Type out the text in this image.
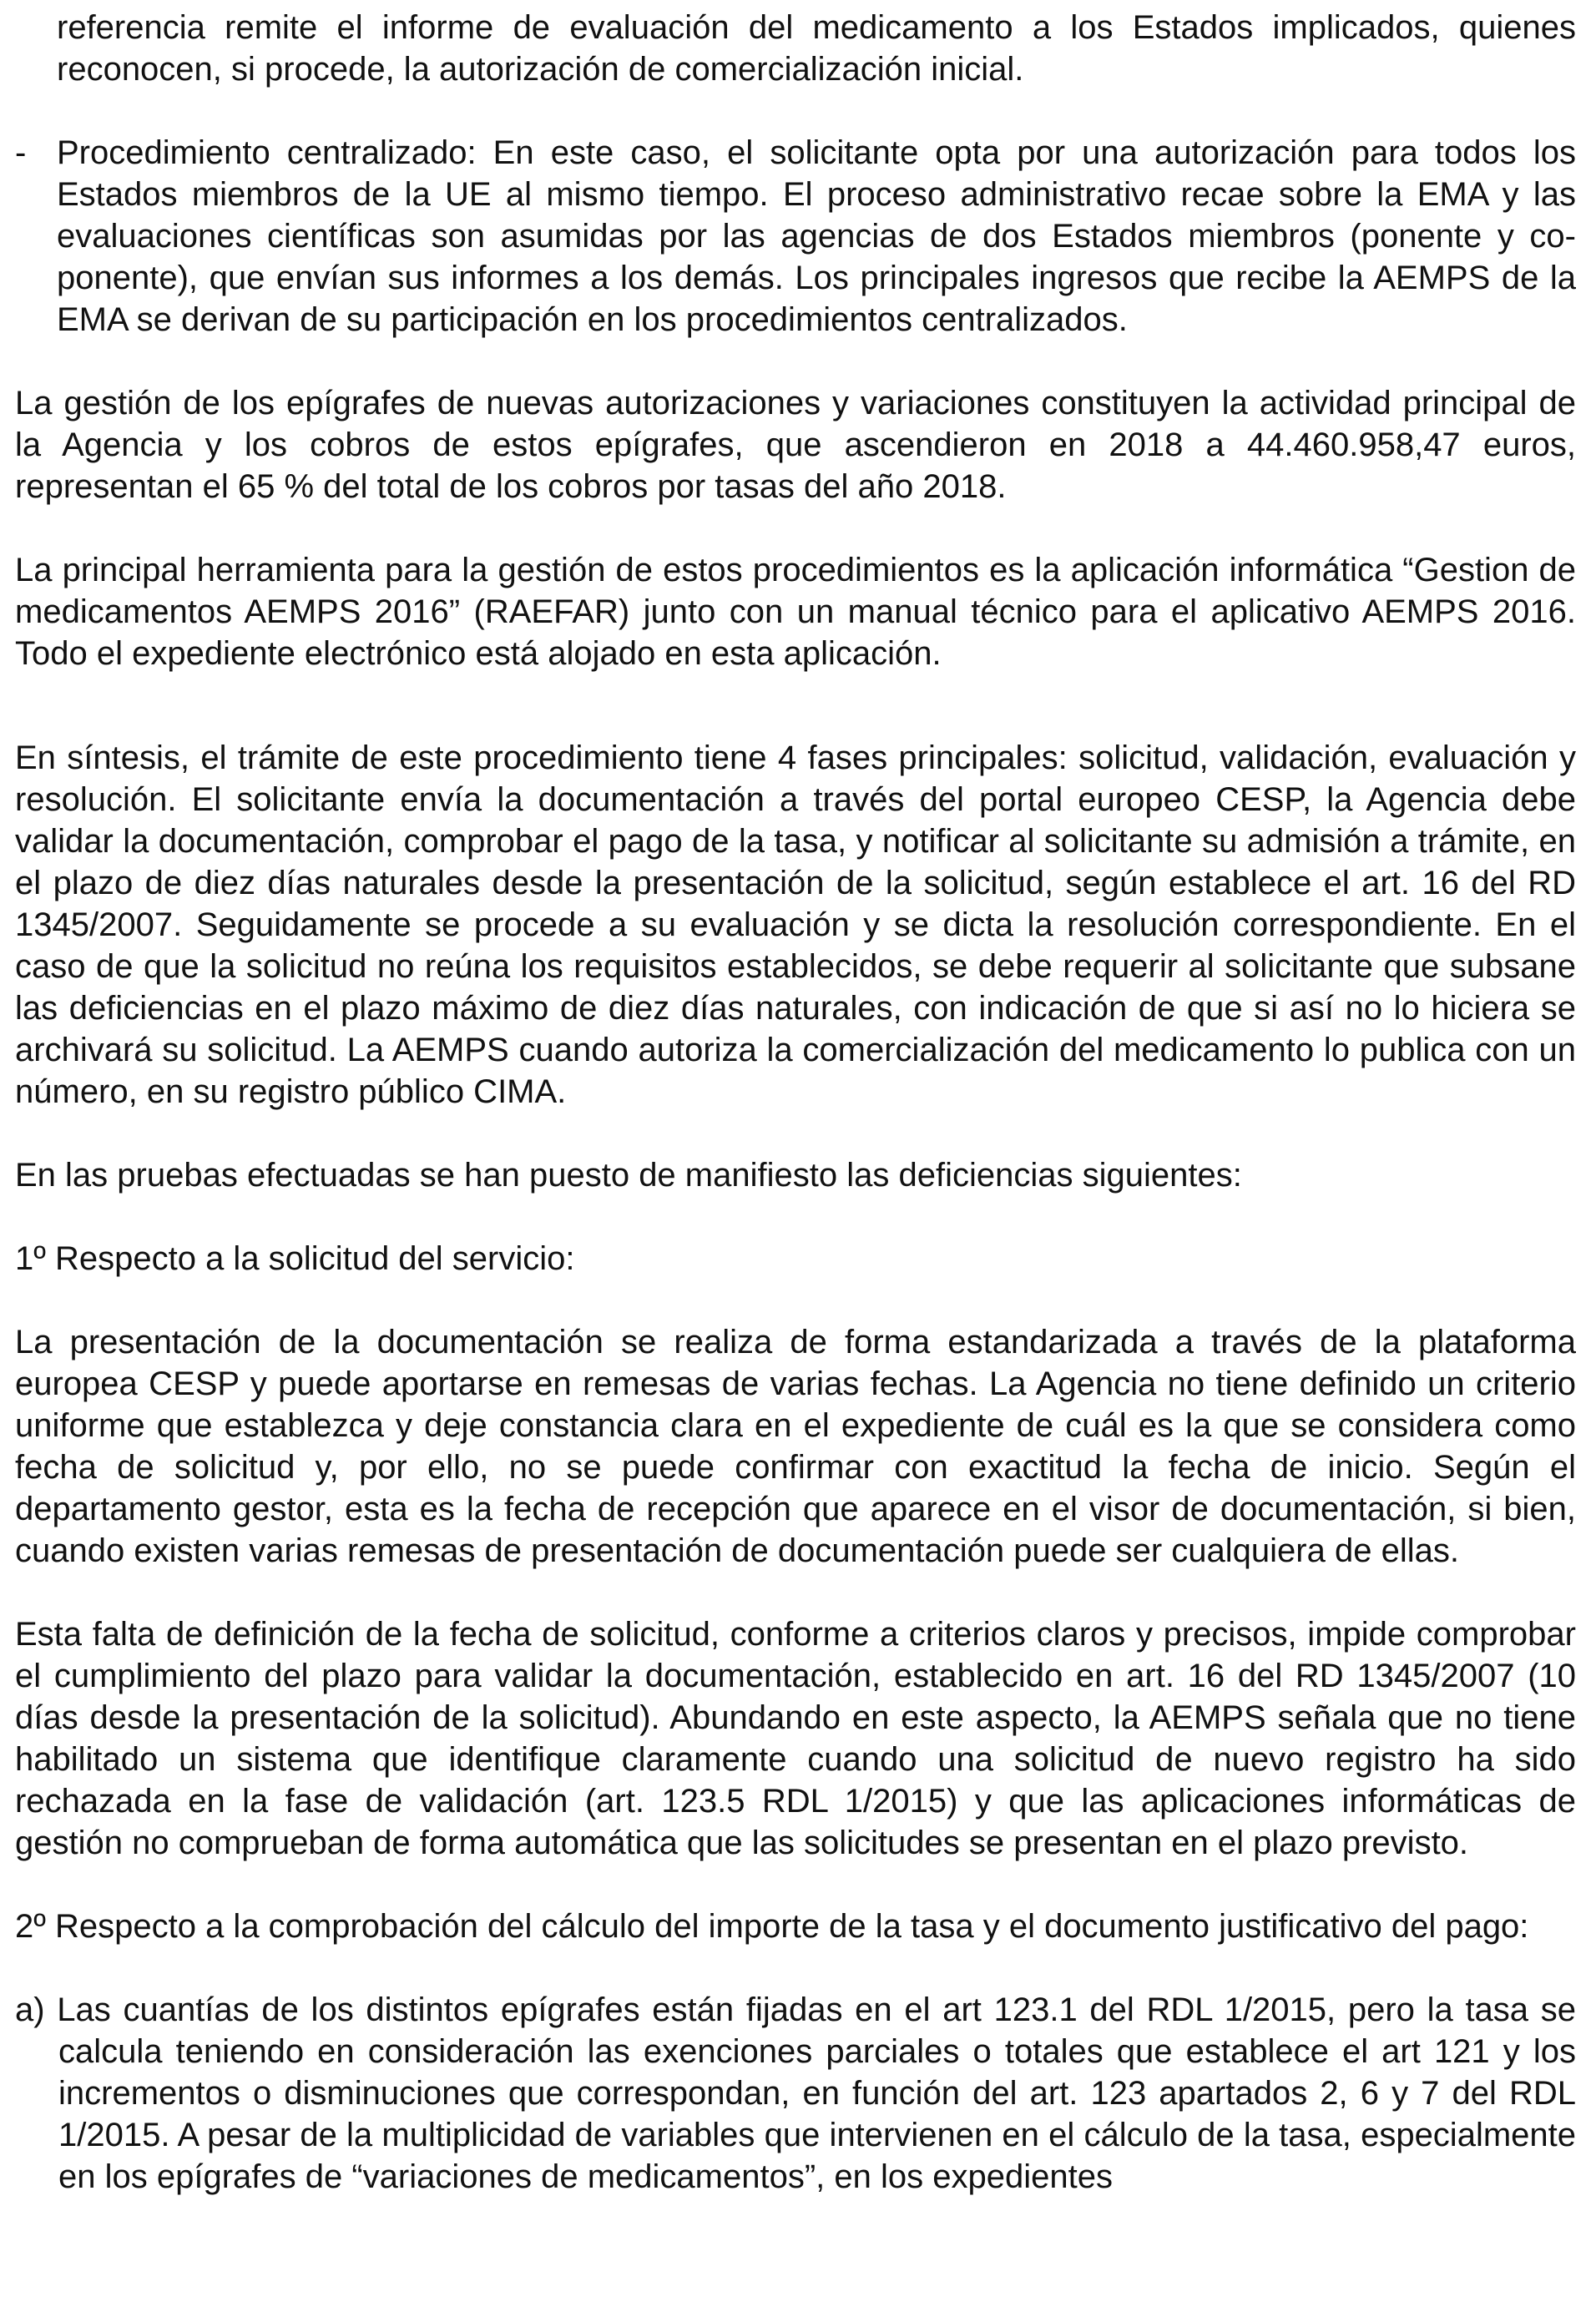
referencia remite el informe de evaluación del medicamento a los Estados implicados, quienes reconocen, si procede, la autorización de comercialización inicial.

- Procedimiento centralizado: En este caso, el solicitante opta por una autorización para todos los Estados miembros de la UE al mismo tiempo. El proceso administrativo recae sobre la EMA y las evaluaciones científicas son asumidas por las agencias de dos Estados miembros (ponente y co-ponente), que envían sus informes a los demás. Los principales ingresos que recibe la AEMPS de la EMA se derivan de su participación en los procedimientos centralizados.

La gestión de los epígrafes de nuevas autorizaciones y variaciones constituyen la actividad principal de la Agencia y los cobros de estos epígrafes, que ascendieron en 2018 a 44.460.958,47 euros, representan el 65 % del total de los cobros por tasas del año 2018.

La principal herramienta para la gestión de estos procedimientos es la aplicación informática “Gestion de medicamentos AEMPS 2016” (RAEFAR) junto con un manual técnico para el aplicativo AEMPS 2016. Todo el expediente electrónico está alojado en esta aplicación.

En síntesis, el trámite de este procedimiento tiene 4 fases principales: solicitud, validación, evaluación y resolución. El solicitante envía la documentación a través del portal europeo CESP, la Agencia debe validar la documentación, comprobar el pago de la tasa, y notificar al solicitante su admisión a trámite, en el plazo de diez días naturales desde la presentación de la solicitud, según establece el art. 16 del RD 1345/2007. Seguidamente se procede a su evaluación y se dicta la resolución correspondiente. En el caso de que la solicitud no reúna los requisitos establecidos, se debe requerir al solicitante que subsane las deficiencias en el plazo máximo de diez días naturales, con indicación de que si así no lo hiciera se archivará su solicitud. La AEMPS cuando autoriza la comercialización del medicamento lo publica con un número, en su registro público CIMA.

En las pruebas efectuadas se han puesto de manifiesto las deficiencias siguientes:

1º Respecto a la solicitud del servicio:

La presentación de la documentación se realiza de forma estandarizada a través de la plataforma europea CESP y puede aportarse en remesas de varias fechas. La Agencia no tiene definido un criterio uniforme que establezca y deje constancia clara en el expediente de cuál es la que se considera como fecha de solicitud y, por ello, no se puede confirmar con exactitud la fecha de inicio. Según el departamento gestor, esta es la fecha de recepción que aparece en el visor de documentación, si bien, cuando existen varias remesas de presentación de documentación puede ser cualquiera de ellas.

Esta falta de definición de la fecha de solicitud, conforme a criterios claros y precisos, impide comprobar el cumplimiento del plazo para validar la documentación, establecido en art. 16 del RD 1345/2007 (10 días desde la presentación de la solicitud). Abundando en este aspecto, la AEMPS señala que no tiene habilitado un sistema que identifique claramente cuando una solicitud de nuevo registro ha sido rechazada en la fase de validación (art. 123.5 RDL 1/2015) y que las aplicaciones informáticas de gestión no comprueban de forma automática que las solicitudes se presentan en el plazo previsto.

2º Respecto a la comprobación del cálculo del importe de la tasa y el documento justificativo del pago:

a) Las cuantías de los distintos epígrafes están fijadas en el art 123.1 del RDL 1/2015, pero la tasa se calcula teniendo en consideración las exenciones parciales o totales que establece el art 121 y los incrementos o disminuciones que correspondan, en función del art. 123 apartados 2, 6 y 7 del RDL 1/2015. A pesar de la multiplicidad de variables que intervienen en el cálculo de la tasa, especialmente en los epígrafes de “variaciones de medicamentos”, en los expedientes
